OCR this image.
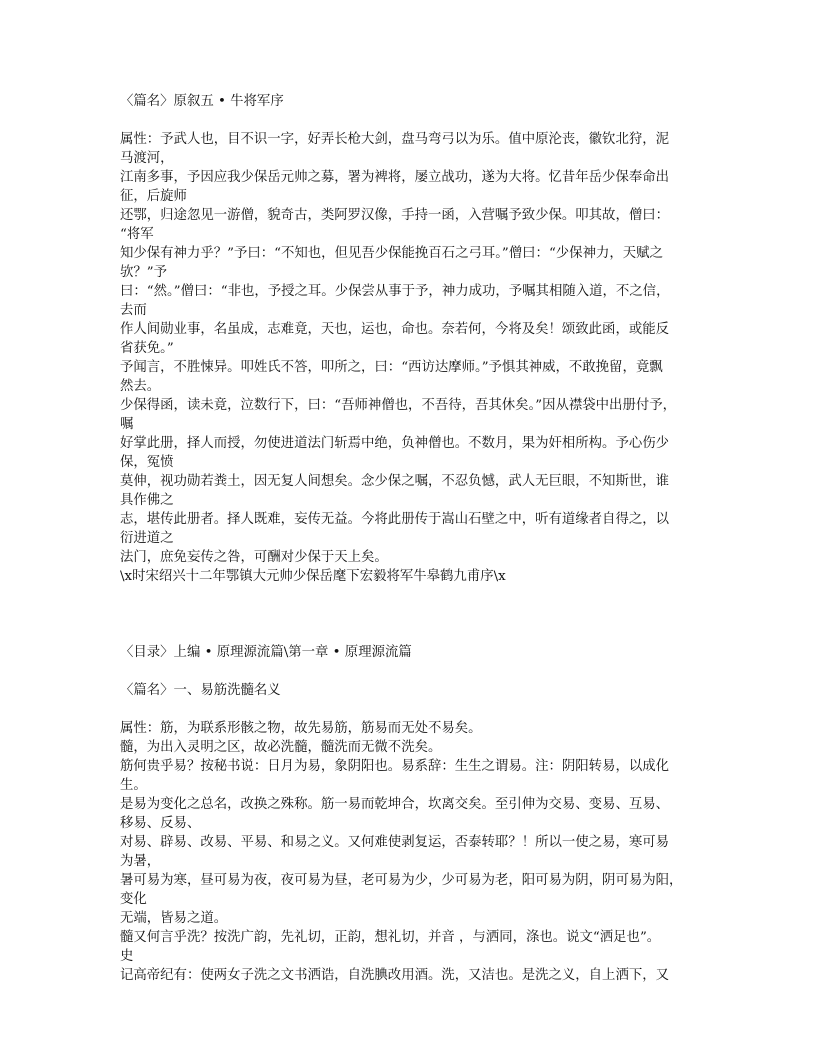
〈篇名〉原叙五 • 牛将军序

属性：予武人也，目不识一字，好弄长枪大剑，盘马弯弓以为乐。值中原沦丧，徽钦北狩，泥

马渡河，

江南多事，予因应我少保岳元帅之募，署为裨将，屡立战功，遂为大将。忆昔年岳少保奉命出

征，后旋师

还鄂，归途忽见一游僧，貌奇古，类阿罗汉像，手持一函，入营嘱予致少保。叩其故，僧曰：

“将军

知少保有神力乎？”予曰：“不知也，但见吾少保能挽百石之弓耳。”僧曰：“少保神力，天赋之

欤？”予

曰：“然。”僧曰：“非也，予授之耳。少保尝从事于予，神力成功，予嘱其相随入道，不之信，

去而

作人间勋业事，名虽成，志难竟，天也，运也，命也。奈若何，今将及矣！颂致此函，或能反

省获免。”

予闻言，不胜悚异。叩姓氏不答，叩所之，曰：“西访达摩师。”予惧其神威，不敢挽留，竟飘

然去。

少保得函，读未竟，泣数行下，曰：“吾师神僧也，不吾待，吾其休矣。”因从襟袋中出册付予，

嘱

好掌此册，择人而授，勿使进道法门斩焉中绝，负神僧也。不数月，果为奸相所构。予心伤少

保，冤愤

莫伸，视功勋若粪土，因无复人间想矣。念少保之嘱，不忍负憾，武人无巨眼，不知斯世，谁

具作佛之

志，堪传此册者。择人既难，妄传无益。今将此册传于嵩山石壁之中，听有道缘者自得之，以

衍进道之

法门，庶免妄传之咎，可酬对少保于天上矣。

\x时宋绍兴十二年鄂镇大元帅少保岳麾下宏毅将军牛皋鹤九甫序\x

〈目录〉上编 • 原理源流篇\第一章 • 原理源流篇

〈篇名〉一、易筋洗髓名义

属性：筋，为联系形骸之物，故先易筋，筋易而无处不易矣。

髓，为出入灵明之区，故必洗髓，髓洗而无微不洗矣。

筋何贵乎易？按秘书说：日月为易，象阴阳也。易系辞：生生之谓易。注：阴阳转易，以成化

生。

是易为变化之总名，改换之殊称。筋一易而乾坤合，坎离交矣。至引伸为交易、变易、互易、

移易、反易、

对易、辟易、改易、平易、和易之义。又何难使剥复运，否泰转耶？！所以一使之易，寒可易

为暑，

暑可易为寒，昼可易为夜，夜可易为昼，老可易为少，少可易为老，阳可易为阴，阴可易为阳，

变化

无端，皆易之道。

髓又何言乎洗？按洗广韵，先礼切，正韵，想礼切，并音 ，与洒同，涤也。说文“洒足也”。

史

记高帝纪有：使两女子洗之文书洒诰，自洗腆改用酒。洗，又洁也。是洗之义，自上洒下，又
